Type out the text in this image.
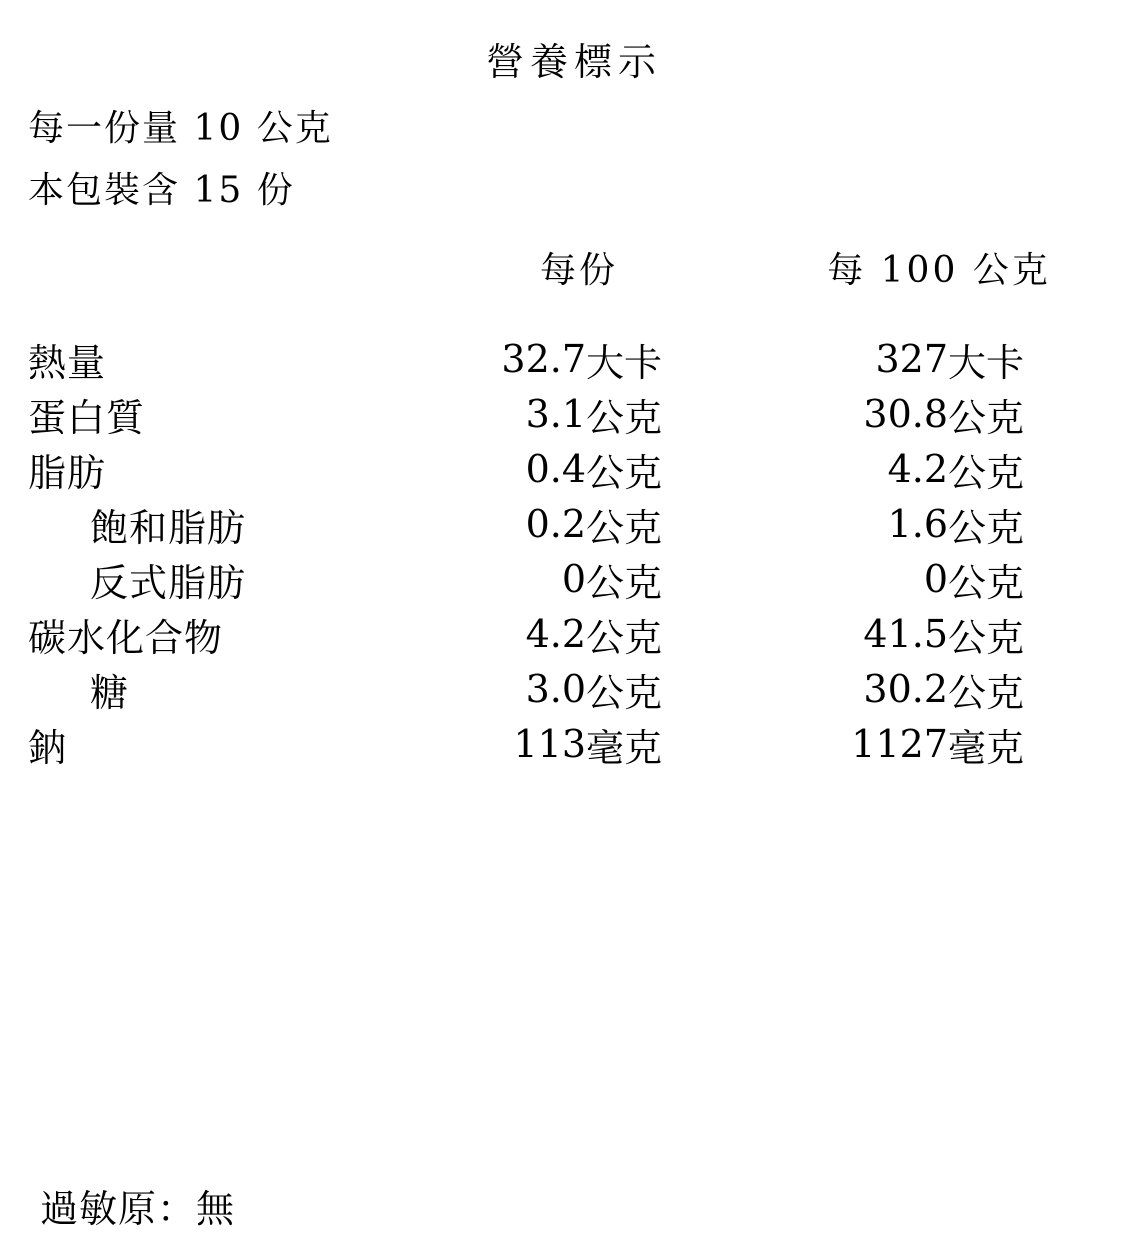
營養標示				

每一份量 10 公克
本包裝含 15 份				

	每份		每 100 公克	
熱量	32.7	大卡	327	大卡
蛋白質	3.1	公克	30.8	公克
脂肪	0.4	公克	4.2	公克
飽和脂肪	0.2	公克	1.6	公克
反式脂肪	0	公克	0	公克
碳水化合物	4.2	公克	41.5	公克
糖	3.0	公克	30.2	公克
鈉	113	毫克	1127	毫克
過敏原：無
